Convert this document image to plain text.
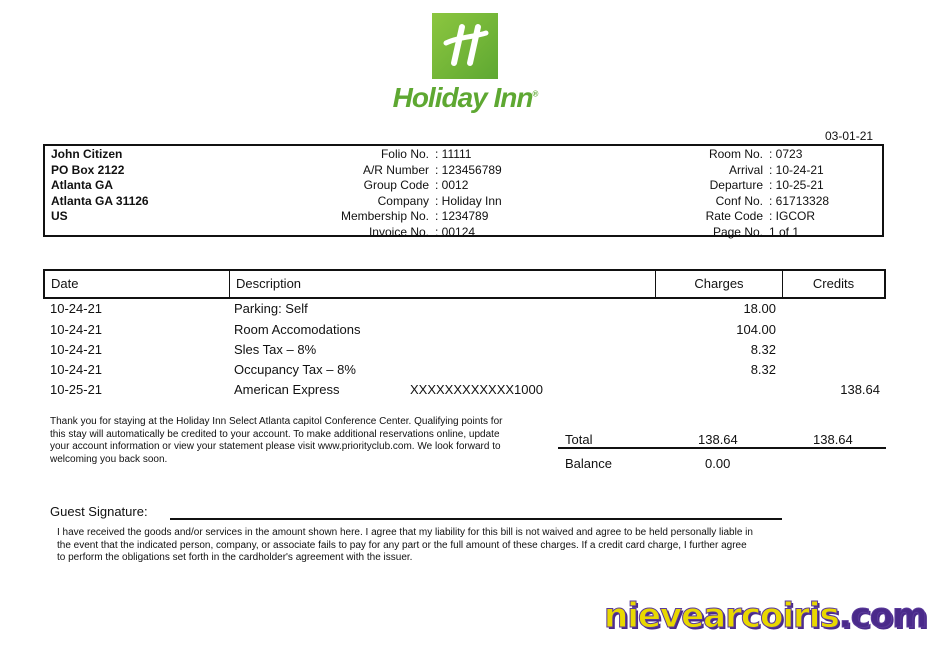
Holiday Inn®
03-01-21
John Citizen
PO Box 2122
Atlanta GA
Atlanta GA 31126
US
Folio No. : 11111
A/R Number : 123456789
Group Code : 0012
Company : Holiday Inn
Membership No. : 1234789
Invoice No. : 00124
Room No. : 0723
Arrival : 10-24-21
Departure : 10-25-21
Conf No. : 61713328
Rate Code : IGCOR
Page No. 1 of 1
Date	Description	Charges	Credits
10-24-21	Parking: Self	18.00
10-24-21	Room Accomodations	104.00
10-24-21	Sles Tax – 8%	8.32
10-24-21	Occupancy Tax – 8%	8.32
10-25-21	American Express	XXXXXXXXXXXX1000	138.64
Thank you for staying at the Holiday Inn Select Atlanta capitol Conference Center. Qualifying points for this stay will automatically be credited to your account. To make additional reservations online, update your account information or view your statement please visit www.priorityclub.com. We look forward to welcoming you back soon.
Total	138.64	138.64
Balance	0.00
Guest Signature:
I have received the goods and/or services in the amount shown here. I agree that my liability for this bill is not waived and agree to be held personally liable in the event that the indicated person, company, or associate fails to pay for any part or the full amount of these charges. If a credit card charge, I further agree to perform the obligations set forth in the cardholder's agreement with the issuer.
nievearcoiris.com
